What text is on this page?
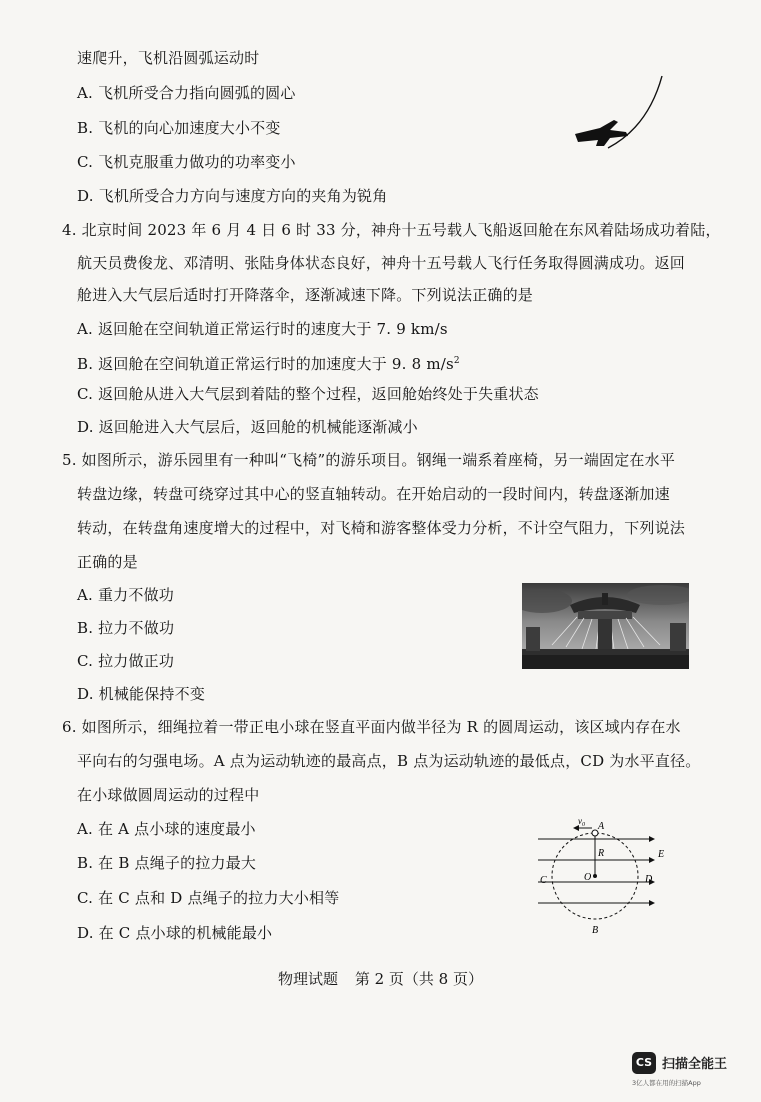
速爬升，飞机沿圆弧运动时
A. 飞机所受合力指向圆弧的圆心
B. 飞机的向心加速度大小不变
C. 飞机克服重力做功的功率变小
D. 飞机所受合力方向与速度方向的夹角为锐角
4. 北京时间 2023 年 6 月 4 日 6 时 33 分，神舟十五号载人飞船返回舱在东风着陆场成功着陆，
航天员费俊龙、邓清明、张陆身体状态良好，神舟十五号载人飞行任务取得圆满成功。返回
舱进入大气层后适时打开降落伞，逐渐减速下降。下列说法正确的是
A. 返回舱在空间轨道正常运行时的速度大于 7. 9 km/s
B. 返回舱在空间轨道正常运行时的加速度大于 9. 8 $m/s^2$
C. 返回舱从进入大气层到着陆的整个过程，返回舱始终处于失重状态
D. 返回舱进入大气层后，返回舱的机械能逐渐减小
5. 如图所示，游乐园里有一种叫“飞椅”的游乐项目。钢绳一端系着座椅，另一端固定在水平
转盘边缘，转盘可绕穿过其中心的竖直轴转动。在开始启动的一段时间内，转盘逐渐加速
转动，在转盘角速度增大的过程中，对飞椅和游客整体受力分析，不计空气阻力，下列说法
正确的是
A. 重力不做功
B. 拉力不做功
C. 拉力做正功
D. 机械能保持不变
6. 如图所示，细绳拉着一带正电小球在竖直平面内做半径为 R 的圆周运动，该区域内存在水
平向右的匀强电场。A 点为运动轨迹的最高点，B 点为运动轨迹的最低点，CD 为水平直径。
在小球做圆周运动的过程中
A. 在 A 点小球的速度最小
B. 在 B 点绳子的拉力最大
C. 在 C 点和 D 点绳子的拉力大小相等
D. 在 C 点小球的机械能最小
$v_0$ A
R
O
C	D
E
B
物理试题 第 2 页（共 8 页）
CS 扫描全能王
3亿人都在用的扫描App
